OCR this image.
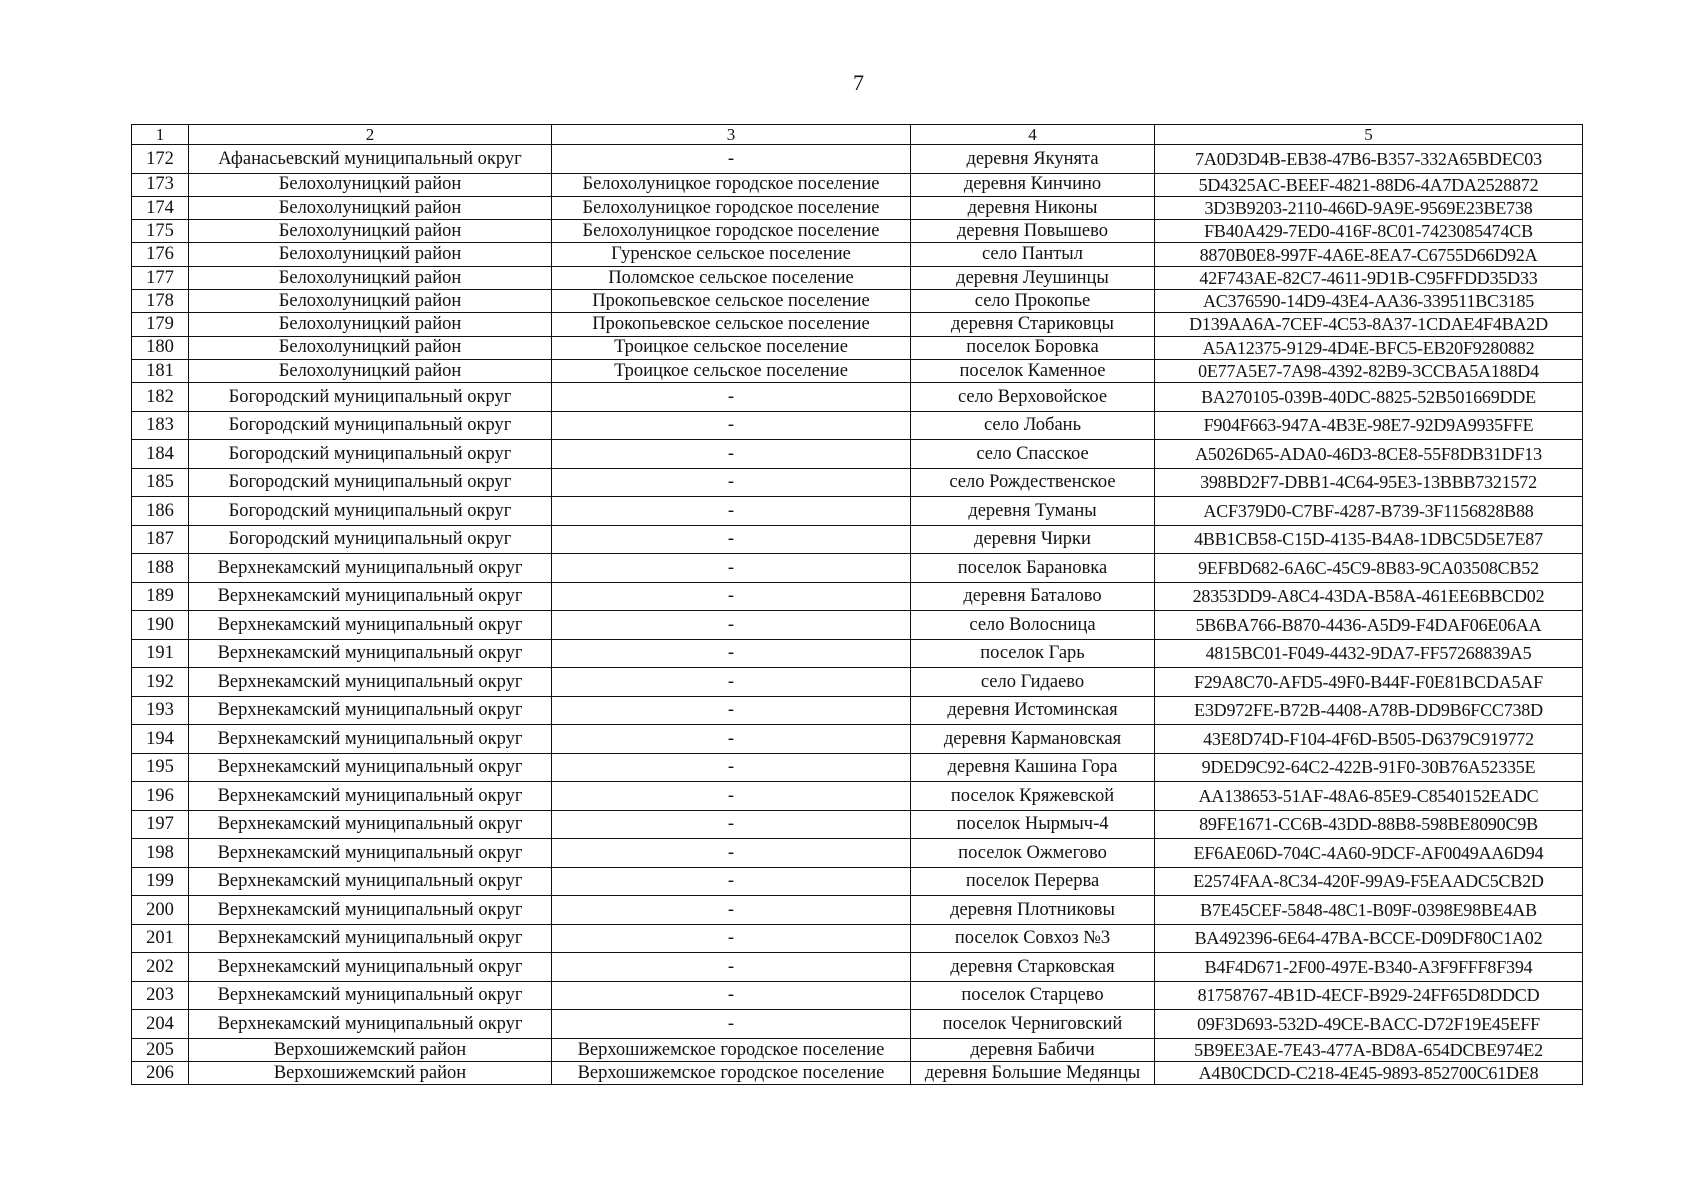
7
1	2	3	4	5
172	Афанасьевский муниципальный округ	-	деревня Якунята	7A0D3D4B-EB38-47B6-B357-332A65BDEC03
173	Белохолуницкий район	Белохолуницкое городское поселение	деревня Кинчино	5D4325AC-BEEF-4821-88D6-4A7DA2528872
174	Белохолуницкий район	Белохолуницкое городское поселение	деревня Никоны	3D3B9203-2110-466D-9A9E-9569E23BE738
175	Белохолуницкий район	Белохолуницкое городское поселение	деревня Повышево	FB40A429-7ED0-416F-8C01-7423085474CB
176	Белохолуницкий район	Гуренское сельское поселение	село Пантыл	8870B0E8-997F-4A6E-8EA7-C6755D66D92A
177	Белохолуницкий район	Поломское сельское поселение	деревня Леушинцы	42F743AE-82C7-4611-9D1B-C95FFDD35D33
178	Белохолуницкий район	Прокопьевское сельское поселение	село Прокопье	AC376590-14D9-43E4-AA36-339511BC3185
179	Белохолуницкий район	Прокопьевское сельское поселение	деревня Стариковцы	D139AA6A-7CEF-4C53-8A37-1CDAE4F4BA2D
180	Белохолуницкий район	Троицкое сельское поселение	поселок Боровка	A5A12375-9129-4D4E-BFC5-EB20F9280882
181	Белохолуницкий район	Троицкое сельское поселение	поселок Каменное	0E77A5E7-7A98-4392-82B9-3CCBA5A188D4
182	Богородский муниципальный округ	-	село Верховойское	BA270105-039B-40DC-8825-52B501669DDE
183	Богородский муниципальный округ	-	село Лобань	F904F663-947A-4B3E-98E7-92D9A9935FFE
184	Богородский муниципальный округ	-	село Спасское	A5026D65-ADA0-46D3-8CE8-55F8DB31DF13
185	Богородский муниципальный округ	-	село Рождественское	398BD2F7-DBB1-4C64-95E3-13BBB7321572
186	Богородский муниципальный округ	-	деревня Туманы	ACF379D0-C7BF-4287-B739-3F1156828B88
187	Богородский муниципальный округ	-	деревня Чирки	4BB1CB58-C15D-4135-B4A8-1DBC5D5E7E87
188	Верхнекамский муниципальный округ	-	поселок Барановка	9EFBD682-6A6C-45C9-8B83-9CA03508CB52
189	Верхнекамский муниципальный округ	-	деревня Баталово	28353DD9-A8C4-43DA-B58A-461EE6BBCD02
190	Верхнекамский муниципальный округ	-	село Волосница	5B6BA766-B870-4436-A5D9-F4DAF06E06AA
191	Верхнекамский муниципальный округ	-	поселок Гарь	4815BC01-F049-4432-9DA7-FF57268839A5
192	Верхнекамский муниципальный округ	-	село Гидаево	F29A8C70-AFD5-49F0-B44F-F0E81BCDA5AF
193	Верхнекамский муниципальный округ	-	деревня Истоминская	E3D972FE-B72B-4408-A78B-DD9B6FCC738D
194	Верхнекамский муниципальный округ	-	деревня Кармановская	43E8D74D-F104-4F6D-B505-D6379C919772
195	Верхнекамский муниципальный округ	-	деревня Кашина Гора	9DED9C92-64C2-422B-91F0-30B76A52335E
196	Верхнекамский муниципальный округ	-	поселок Кряжевской	AA138653-51AF-48A6-85E9-C8540152EADC
197	Верхнекамский муниципальный округ	-	поселок Нырмыч-4	89FE1671-CC6B-43DD-88B8-598BE8090C9B
198	Верхнекамский муниципальный округ	-	поселок Ожмегово	EF6AE06D-704C-4A60-9DCF-AF0049AA6D94
199	Верхнекамский муниципальный округ	-	поселок Перерва	E2574FAA-8C34-420F-99A9-F5EAADC5CB2D
200	Верхнекамский муниципальный округ	-	деревня Плотниковы	B7E45CEF-5848-48C1-B09F-0398E98BE4AB
201	Верхнекамский муниципальный округ	-	поселок Совхоз №3	BA492396-6E64-47BA-BCCE-D09DF80C1A02
202	Верхнекамский муниципальный округ	-	деревня Старковская	B4F4D671-2F00-497E-B340-A3F9FFF8F394
203	Верхнекамский муниципальный округ	-	поселок Старцево	81758767-4B1D-4ECF-B929-24FF65D8DDCD
204	Верхнекамский муниципальный округ	-	поселок Черниговский	09F3D693-532D-49CE-BACC-D72F19E45EFF
205	Верхошижемский район	Верхошижемское городское поселение	деревня Бабичи	5B9EE3AE-7E43-477A-BD8A-654DCBE974E2
206	Верхошижемский район	Верхошижемское городское поселение	деревня Большие Медянцы	A4B0CDCD-C218-4E45-9893-852700C61DE8
